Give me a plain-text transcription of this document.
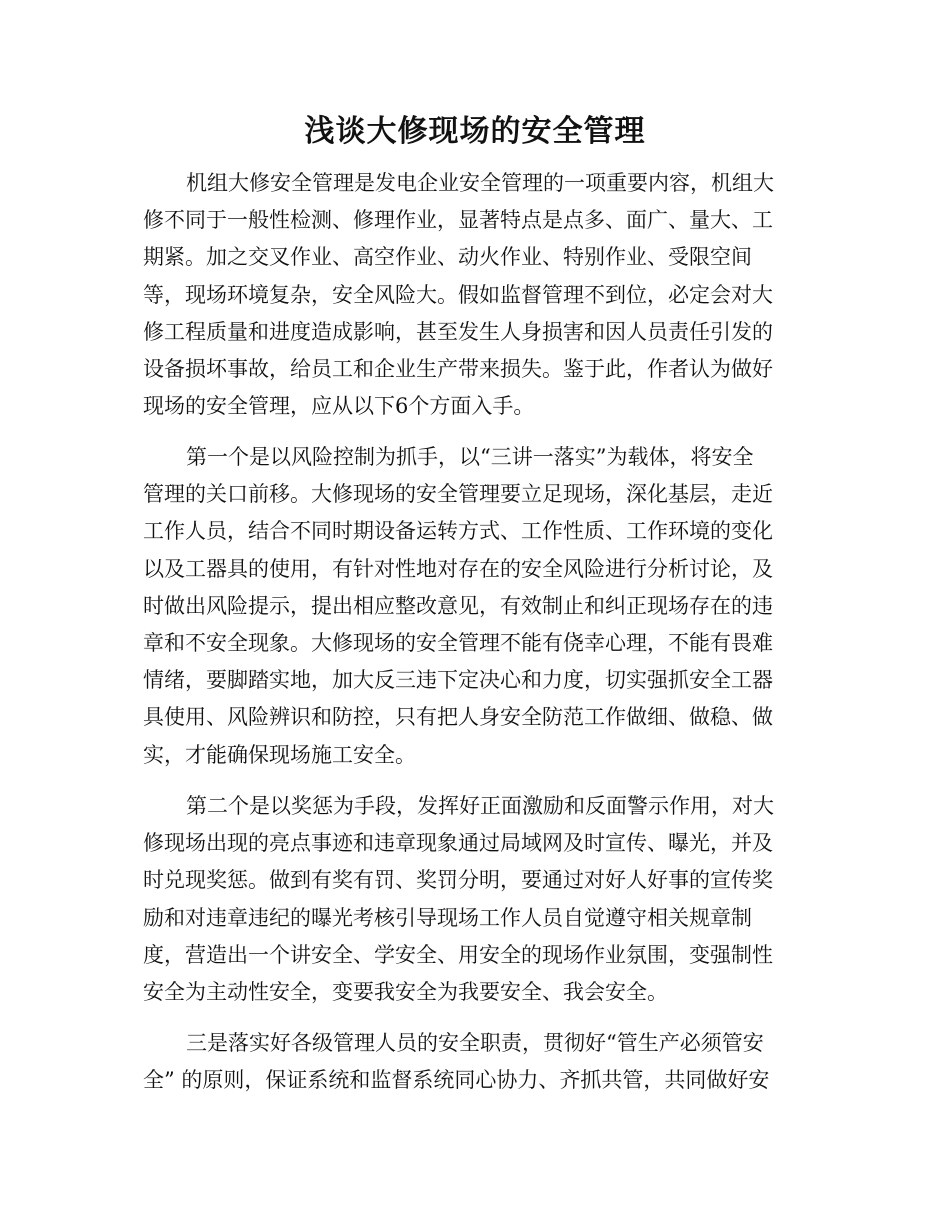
浅谈大修现场的安全管理
机组大修安全管理是发电企业安全管理的一项重要内容，机组大
修不同于一般性检测、修理作业，显著特点是点多、面广、量大、工
期紧。加之交叉作业、高空作业、动火作业、特别作业、受限空间
等，现场环境复杂，安全风险大。假如监督管理不到位，必定会对大
修工程质量和进度造成影响，甚至发生人身损害和因人员责任引发的
设备损坏事故，给员工和企业生产带来损失。鉴于此，作者认为做好
现场的安全管理，应从以下6个方面入手。
第一个是以风险控制为抓手，以“三讲一落实”为载体，将安全
管理的关口前移。大修现场的安全管理要立足现场，深化基层，走近
工作人员，结合不同时期设备运转方式、工作性质、工作环境的变化
以及工器具的使用，有针对性地对存在的安全风险进行分析讨论，及
时做出风险提示，提出相应整改意见，有效制止和纠正现场存在的违
章和不安全现象。大修现场的安全管理不能有侥幸心理，不能有畏难
情绪，要脚踏实地，加大反三违下定决心和力度，切实强抓安全工器
具使用、风险辨识和防控，只有把人身安全防范工作做细、做稳、做
实，才能确保现场施工安全。
第二个是以奖惩为手段，发挥好正面激励和反面警示作用，对大
修现场出现的亮点事迹和违章现象通过局域网及时宣传、曝光，并及
时兑现奖惩。做到有奖有罚、奖罚分明，要通过对好人好事的宣传奖
励和对违章违纪的曝光考核引导现场工作人员自觉遵守相关规章制
度，营造出一个讲安全、学安全、用安全的现场作业氛围，变强制性
安全为主动性安全，变要我安全为我要安全、我会安全。
三是落实好各级管理人员的安全职责，贯彻好“管生产必须管安
全” 的原则，保证系统和监督系统同心协力、齐抓共管，共同做好安
